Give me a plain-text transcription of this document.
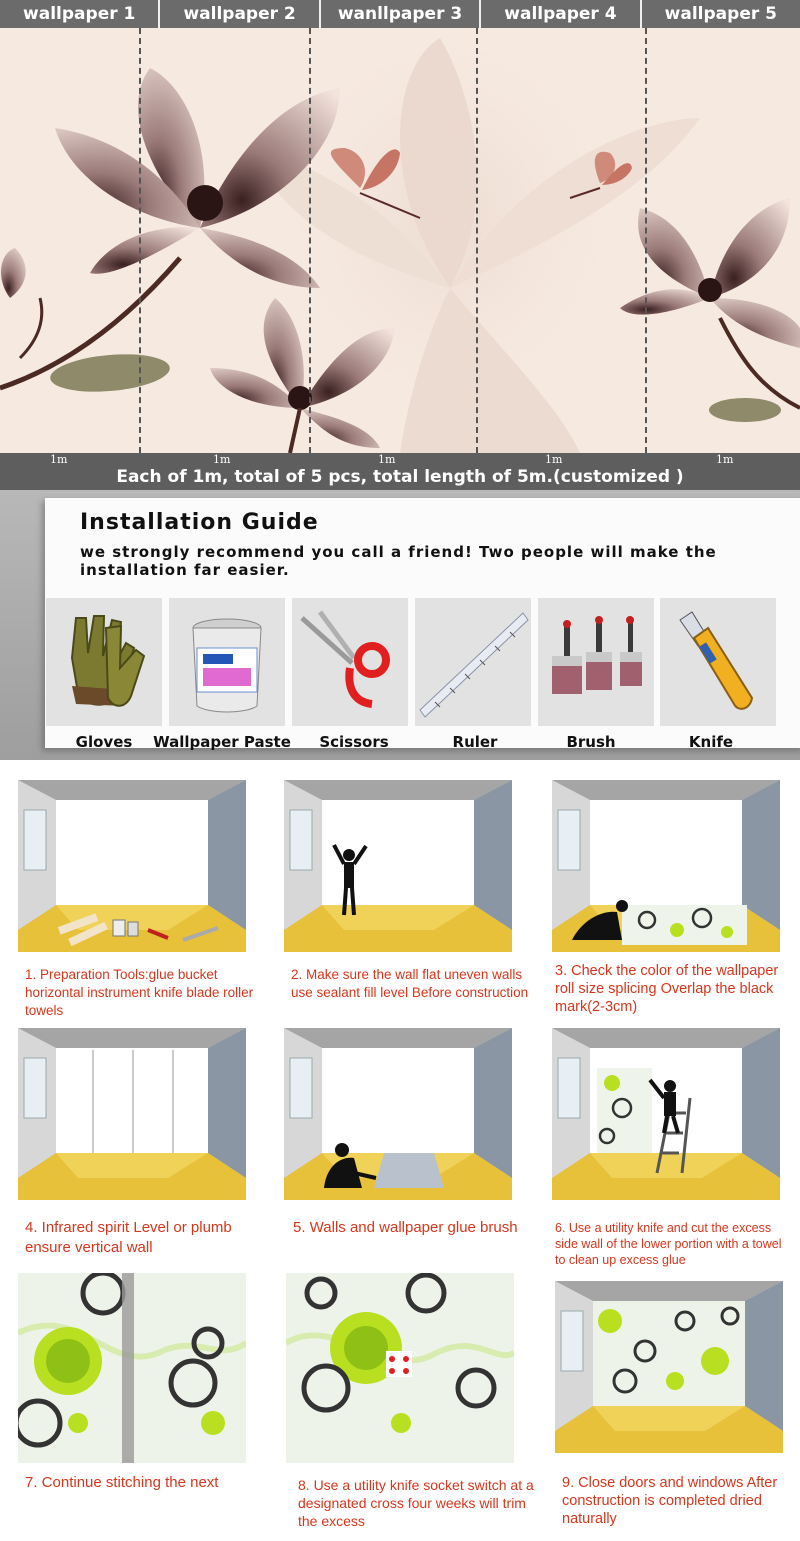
wallpaper 1	wallpaper 2	wanllpaper 3	wallpaper 4	wallpaper 5
1m	1m	1m	1m	1m
Each of 1m, total of 5 pcs, total length of 5m.(customized )
Installation Guide
we strongly recommend you call a friend! Two people will make the installation far easier.
Gloves	Wallpaper Paste	Scissors	Ruler	Brush	Knife
1. Preparation Tools:glue bucket horizontal instrument knife blade roller towels
2. Make sure the wall flat uneven walls use sealant fill level Before construction
3. Check the color of the wallpaper roll size splicing Overlap the black mark(2-3cm)
4. Infrared spirit Level or plumb ensure vertical wall
5. Walls and wallpaper glue brush	6. Use a utility knife and cut the excess side wall of the lower portion with a towel to clean up excess glue
7. Continue stitching the next	8. Use a utility knife socket switch at a designated cross four weeks will trim the excess
9. Close doors and windows After construction is completed dried naturally
